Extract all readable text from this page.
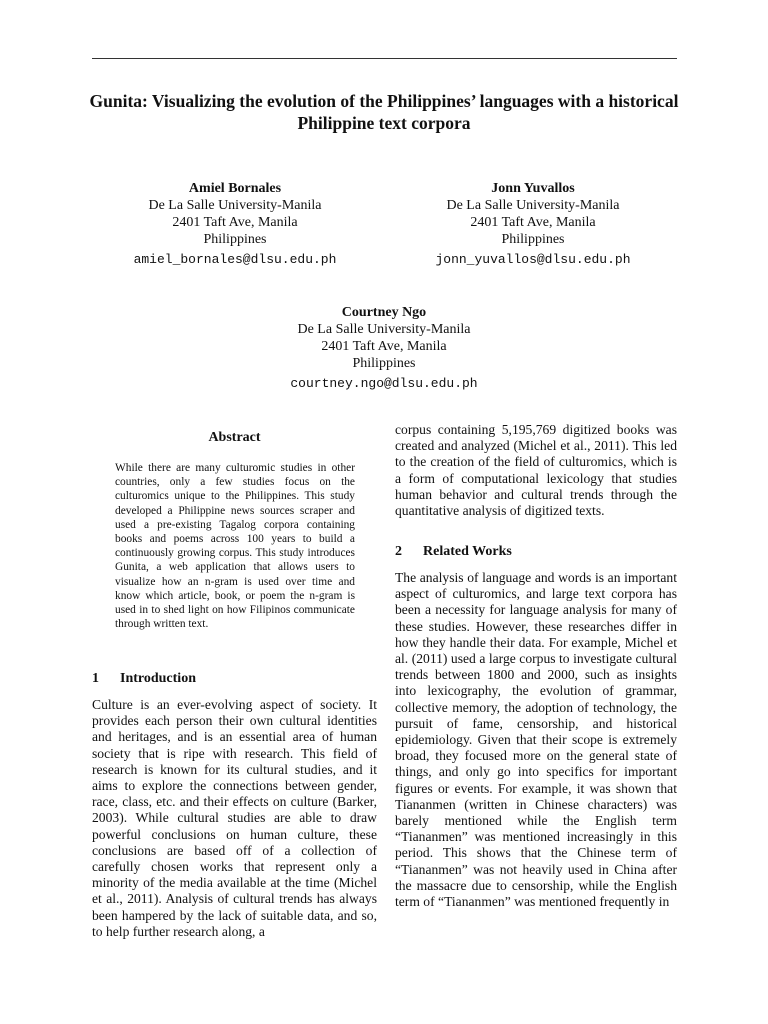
Gunita: Visualizing the evolution of the Philippines’ languages with a historical Philippine text corpora
Amiel Bornales
De La Salle University-Manila
2401 Taft Ave, Manila
Philippines
amiel_bornales@dlsu.edu.ph
Jonn Yuvallos
De La Salle University-Manila
2401 Taft Ave, Manila
Philippines
jonn_yuvallos@dlsu.edu.ph
Courtney Ngo
De La Salle University-Manila
2401 Taft Ave, Manila
Philippines
courtney.ngo@dlsu.edu.ph
Abstract
While there are many culturomic studies in other countries, only a few studies focus on the culturomics unique to the Philippines. This study developed a Philippine news sources scraper and used a pre-existing Tagalog corpora containing books and poems across 100 years to build a continuously growing corpus. This study introduces Gunita, a web application that allows users to visualize how an n-gram is used over time and know which article, book, or poem the n-gram is used in to shed light on how Filipinos communicate through written text.
1 Introduction
Culture is an ever-evolving aspect of society. It provides each person their own cultural identities and heritages, and is an essential area of human society that is ripe with research. This field of research is known for its cultural studies, and it aims to explore the connections between gender, race, class, etc. and their effects on culture (Barker, 2003). While cultural studies are able to draw powerful conclusions on human culture, these conclusions are based off of a collection of carefully chosen works that represent only a minority of the media available at the time (Michel et al., 2011). Analysis of cultural trends has always been hampered by the lack of suitable data, and so, to help further research along, a
corpus containing 5,195,769 digitized books was created and analyzed (Michel et al., 2011). This led to the creation of the field of culturomics, which is a form of computational lexicology that studies human behavior and cultural trends through the quantitative analysis of digitized texts.
2 Related Works
The analysis of language and words is an important aspect of culturomics, and large text corpora has been a necessity for language analysis for many of these studies. However, these researches differ in how they handle their data. For example, Michel et al. (2011) used a large corpus to investigate cultural trends between 1800 and 2000, such as insights into lexicography, the evolution of grammar, collective memory, the adoption of technology, the pursuit of fame, censorship, and historical epidemiology. Given that their scope is extremely broad, they focused more on the general state of things, and only go into specifics for important figures or events. For example, it was shown that Tiananmen (written in Chinese characters) was barely mentioned while the English term “Tiananmen” was mentioned increasingly in this period. This shows that the Chinese term of “Tiananmen” was not heavily used in China after the massacre due to censorship, while the English term of “Tiananmen” was mentioned frequently in
